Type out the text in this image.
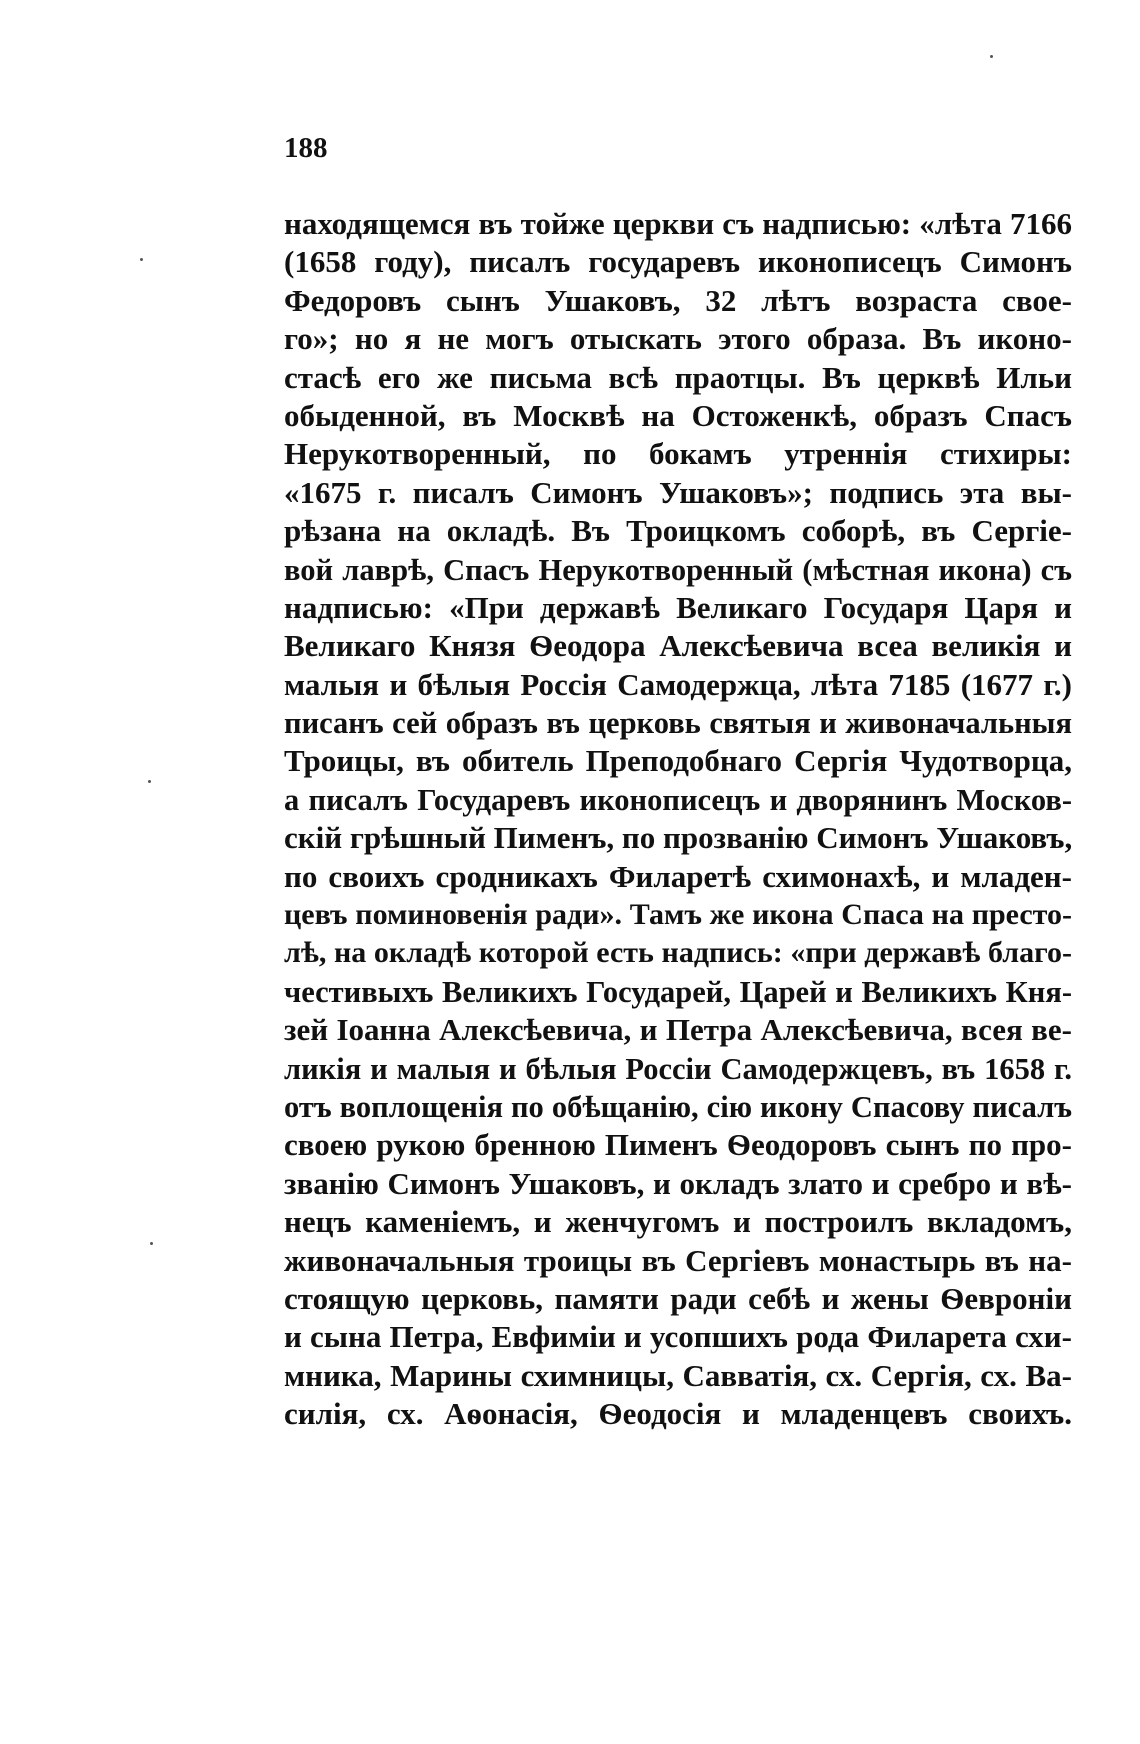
188
находящемся въ тойже церкви съ надписью: «лѣта 7166
(1658 году), писалъ государевъ иконописецъ Симонъ
Федоровъ сынъ Ушаковъ, 32 лѣтъ возраста свое-
го»; но я не могъ отыскать этого образа. Въ иконо-
стасѣ его же письма всѣ праотцы. Въ церквѣ Ильи
обыденной, въ Москвѣ на Остоженкѣ, образъ Спасъ
Нерукотворенный, по бокамъ утреннія стихиры:
«1675 г. писалъ Симонъ Ушаковъ»; подпись эта вы-
рѣзана на окладѣ. Въ Троицкомъ соборѣ, въ Сергіе-
вой лаврѣ, Спасъ Нерукотворенный (мѣстная икона) съ
надписью: «При державѣ Великаго Государя Царя и
Великаго Князя Ѳеодора Алексѣевича всеа великія и
малыя и бѣлыя Россія Самодержца, лѣта 7185 (1677 г.)
писанъ сей образъ въ церковь святыя и живоначальныя
Троицы, въ обитель Преподобнаго Сергія Чудотворца,
а писалъ Государевъ иконописецъ и дворянинъ Москов-
скій грѣшный Пименъ, по прозванію Симонъ Ушаковъ,
по своихъ сродникахъ Филаретѣ схимонахѣ, и младен-
цевъ поминовенія ради». Тамъ же икона Спаса на престо-
лѣ, на окладѣ которой есть надпись: «при державѣ благо-
честивыхъ Великихъ Государей, Царей и Великихъ Кня-
зей Іоанна Алексѣевича, и Петра Алексѣевича, всея ве-
ликія и малыя и бѣлыя Россіи Самодержцевъ, въ 1658 г.
отъ воплощенія по обѣщанію, сію икону Спасову писалъ
своею рукою бренною Пименъ Ѳеодоровъ сынъ по про-
званію Симонъ Ушаковъ, и окладъ злато и сребро и вѣ-
нецъ каменіемъ, и женчугомъ и построилъ вкладомъ,
живоначальныя троицы въ Сергіевъ монастырь въ на-
стоящую церковь, памяти ради себѣ и жены Ѳевроніи
и сына Петра, Евфиміи и усопшихъ рода Филарета схи-
мника, Марины схимницы, Савватія, сх. Сергія, сх. Ва-
силія, сх. Аѳонасія, Ѳеодосія и младенцевъ своихъ.
